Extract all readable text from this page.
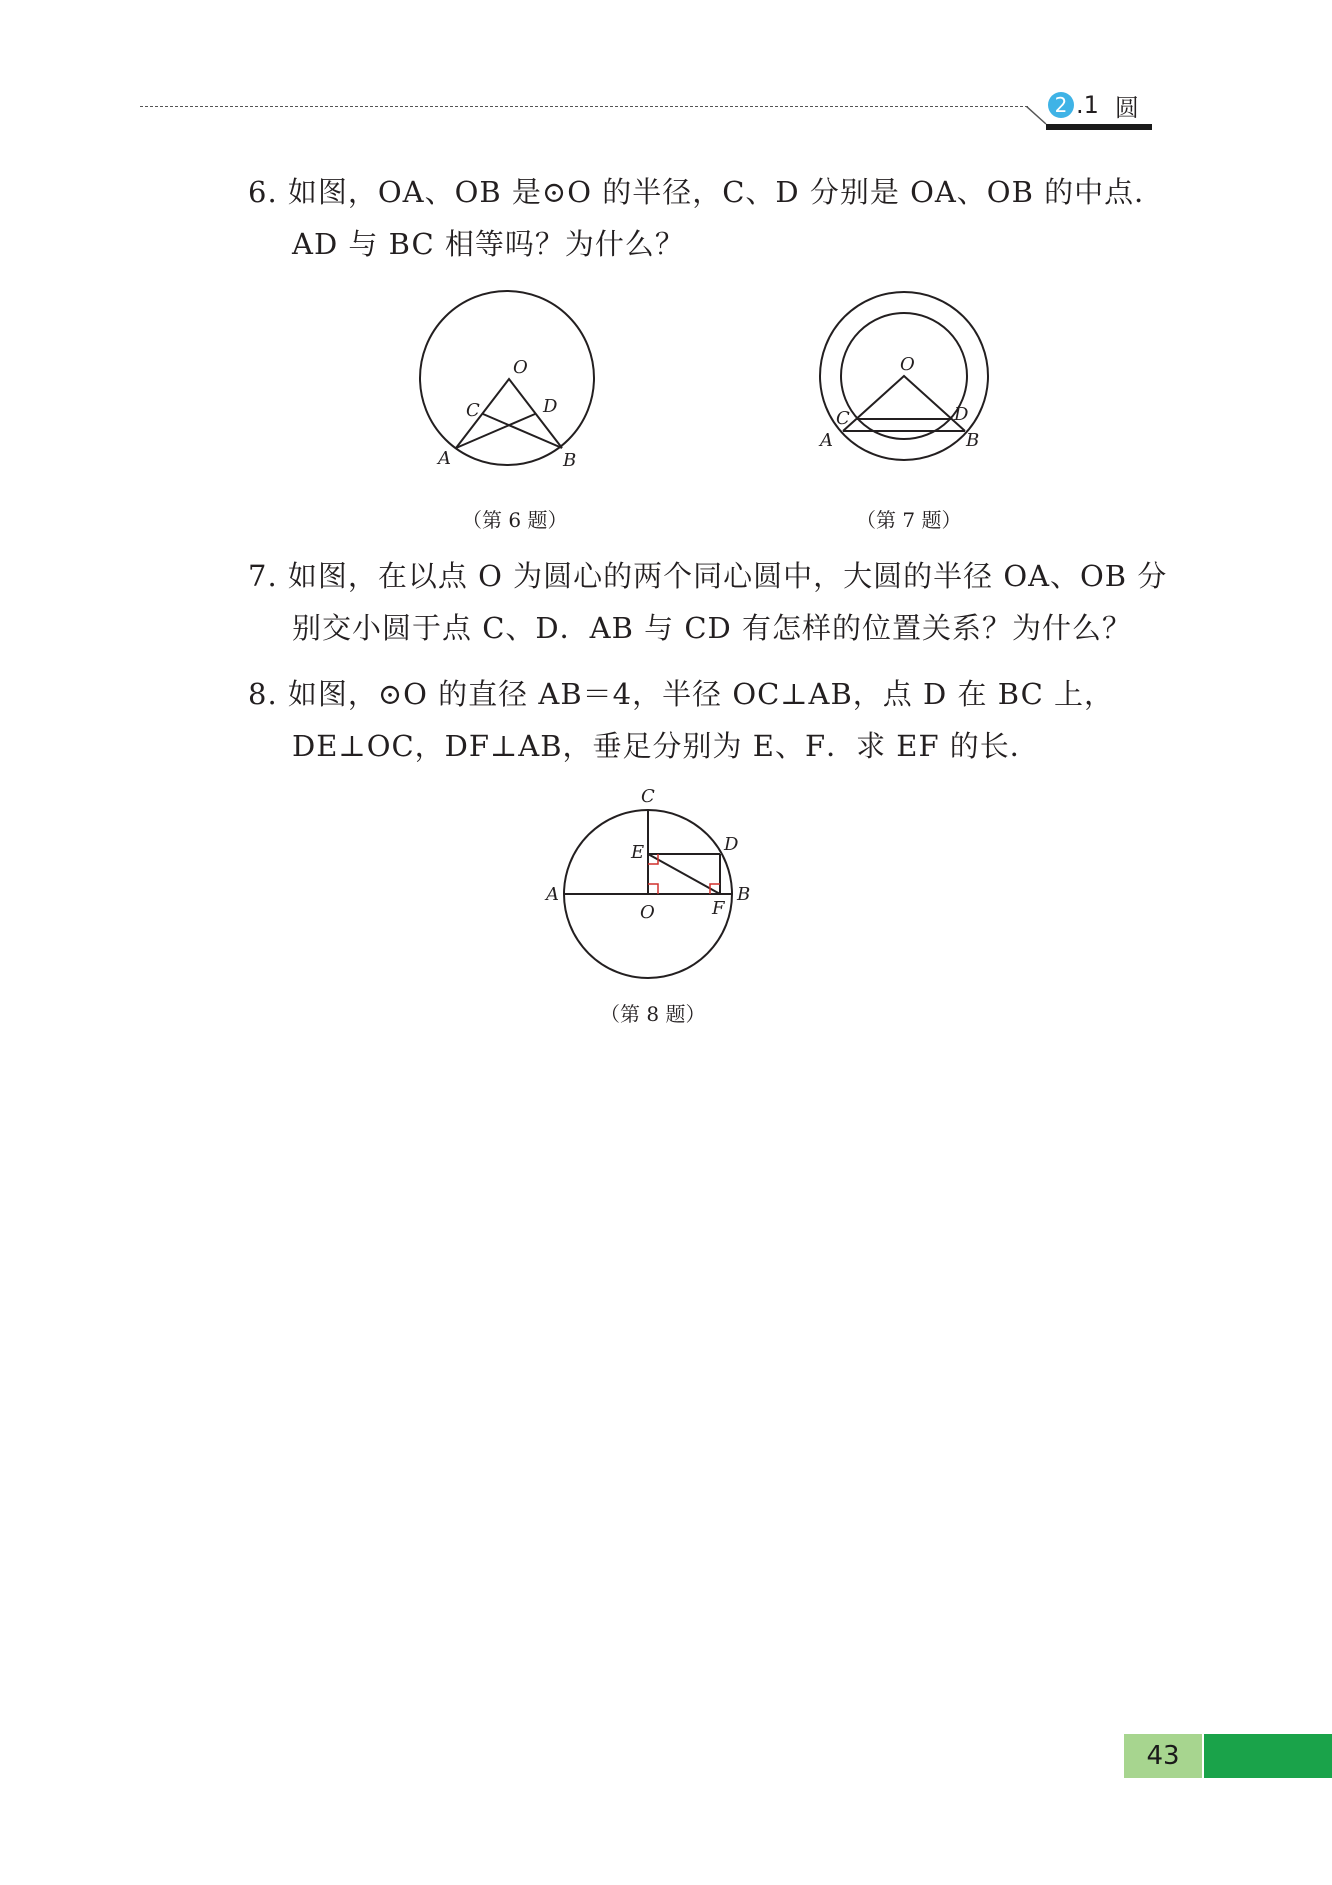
2 .1 圆
6. 如图，OA、OB 是⊙O 的半径，C、D 分别是 OA、OB 的中点．
AD 与 BC 相等吗？为什么？
O
C	D
A	B
（第 6 题）
O
C	D
A	B
（第 7 题）
7. 如图，在以点 O 为圆心的两个同心圆中，大圆的半径 OA、OB 分
别交小圆于点 C、D．AB 与 CD 有怎样的位置关系？为什么？
8. 如图，⊙O 的直径 AB＝4，半径 OC⊥AB，点 D 在 BC 上，
DE⊥OC，DF⊥AB，垂足分别为 E、F．求 EF 的长．
C
E	D
A
O	F
B
（第 8 题）
43
